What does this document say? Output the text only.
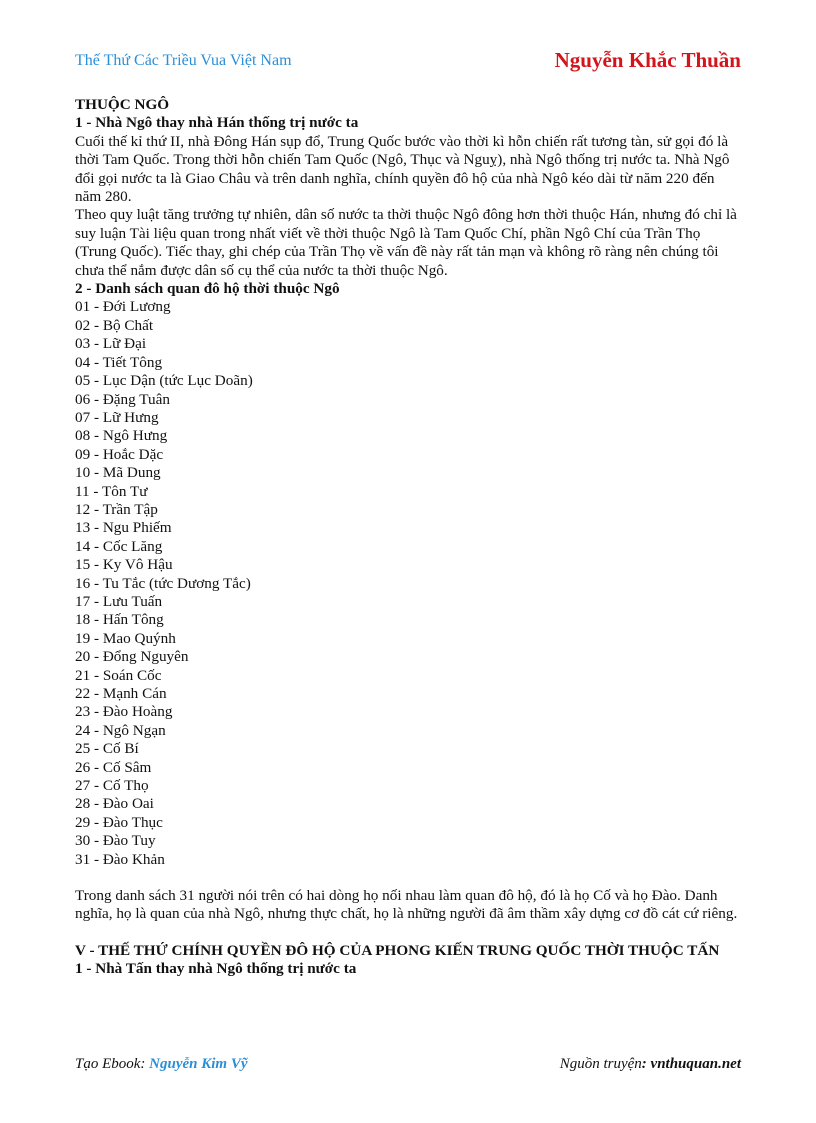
Thế Thứ Các Triều Vua Việt Nam	Nguyễn Khắc Thuần

THUỘC NGÔ

1 - Nhà Ngô thay nhà Hán thống trị nước ta

Cuối thế kỉ thứ II, nhà Đông Hán sụp đổ, Trung Quốc bước vào thời kì hỗn chiến rất tương tàn, sử gọi đó là thời Tam Quốc. Trong thời hỗn chiến Tam Quốc (Ngô, Thục và Nguỵ), nhà Ngô thống trị nước ta. Nhà Ngô đổi gọi nước ta là Giao Châu và trên danh nghĩa, chính quyền đô hộ của nhà Ngô kéo dài từ năm 220 đến năm 280.

Theo quy luật tăng trưởng tự nhiên, dân số nước ta thời thuộc Ngô đông hơn thời thuộc Hán, nhưng đó chỉ là suy luận Tài liệu quan trong nhất viết về thời thuộc Ngô là Tam Quốc Chí, phần Ngô Chí của Trần Thọ (Trung Quốc). Tiếc thay, ghi chép của Trần Thọ về vấn đề này rất tản mạn và không rõ ràng nên chúng tôi chưa thể nắm được dân số cụ thể của nước ta thời thuộc Ngô.

2 - Danh sách quan đô hộ thời thuộc Ngô

01 - Đới Lương

02 - Bộ Chất

03 - Lữ Đại

04 - Tiết Tông

05 - Lục Dận (tức Lục Doãn)

06 - Đặng Tuân

07 - Lữ Hưng

08 - Ngô Hưng

09 - Hoắc Dặc

10 - Mã Dung

11 - Tôn Tư

12 - Trần Tập

13 - Ngu Phiếm

14 - Cốc Lăng

15 - Ky Vô Hậu

16 - Tu Tắc (tức Dương Tắc)

17 - Lưu Tuấn

18 - Hấn Tông

19 - Mao Quýnh

20 - Đổng Nguyên

21 - Soán Cốc

22 - Mạnh Cán

23 - Đào Hoàng

24 - Ngô Ngạn

25 - Cố Bí

26 - Cố Sâm

27 - Cố Thọ

28 - Đào Oai

29 - Đào Thục

30 - Đào Tuy

31 - Đào Khản

Trong danh sách 31 người nói trên có hai dòng họ nối nhau làm quan đô hộ, đó là họ Cố và họ Đào. Danh nghĩa, họ là quan của nhà Ngô, nhưng thực chất, họ là những người đã âm thầm xây dựng cơ đồ cát cứ riêng.

V - THẾ THỨ CHÍNH QUYỀN ĐÔ HỘ CỦA PHONG KIẾN TRUNG QUỐC THỜI THUỘC TẤN

1 - Nhà Tấn thay nhà Ngô thống trị nước ta

Tạo Ebook: Nguyễn Kim Vỹ	Nguồn truyện: vnthuquan.net
